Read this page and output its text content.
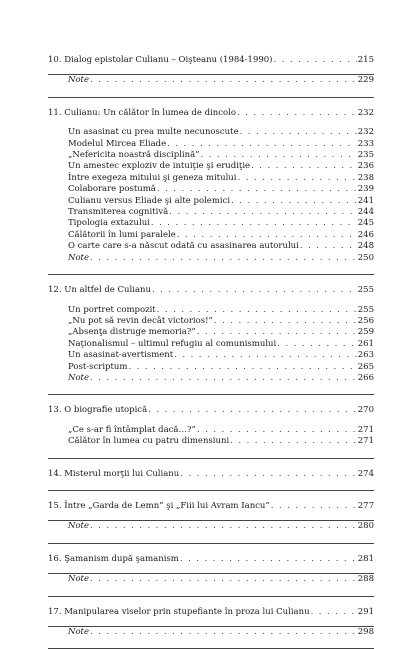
10. Dialog epistolar Culianu – Oişteanu (1984-1990) . . .	215
Note . . .	229
11. Culianu: Un călător în lumea de dincolo . . .	232
Un asasinat cu prea multe necunoscute . . .	232
Modelul Mircea Eliade . . .	233
„Nefericita noastră disciplină” . . .	235
Un amestec exploziv de intuiţie şi erudiţie . . .	236
Între exegeza mitului şi geneza mitului . . .	238
Colaborare postumă . . .	239
Culianu versus Eliade şi alte polemici . . .	241
Transmiterea cognitivă . . .	244
Tipologia extazului . . .	245
Călătorii în lumi paralele . . .	246
O carte care s-a născut odată cu asasinarea autorului . . .	248
Note . . .	250
12. Un altfel de Culianu . . .	255
Un portret compozit . . .	255
„Nu pot să revin decât victorios!” . . .	256
„Absenţa distruge memoria?” . . .	259
Naţionalismul – ultimul refugiu al comunismului . . .	261
Un asasinat-avertisment . . .	263
Post-scriptum . . .	265
Note . . .	266
13. O biografie utopică . . .	270
„Ce s-ar fi întâmplat dacă…?” . . .	271
Călător în lumea cu patru dimensiuni . . .	271
14. Misterul morţii lui Culianu . . .	274
15. Între „Garda de Lemn” şi „Fiii lui Avram Iancu” . . .	277
Note . . .	280
16. Şamanism după şamanism . . .	281
Note . . .	288
17. Manipularea viselor prin stupefiante în proza lui Culianu . . .	291
Note . . .	298
